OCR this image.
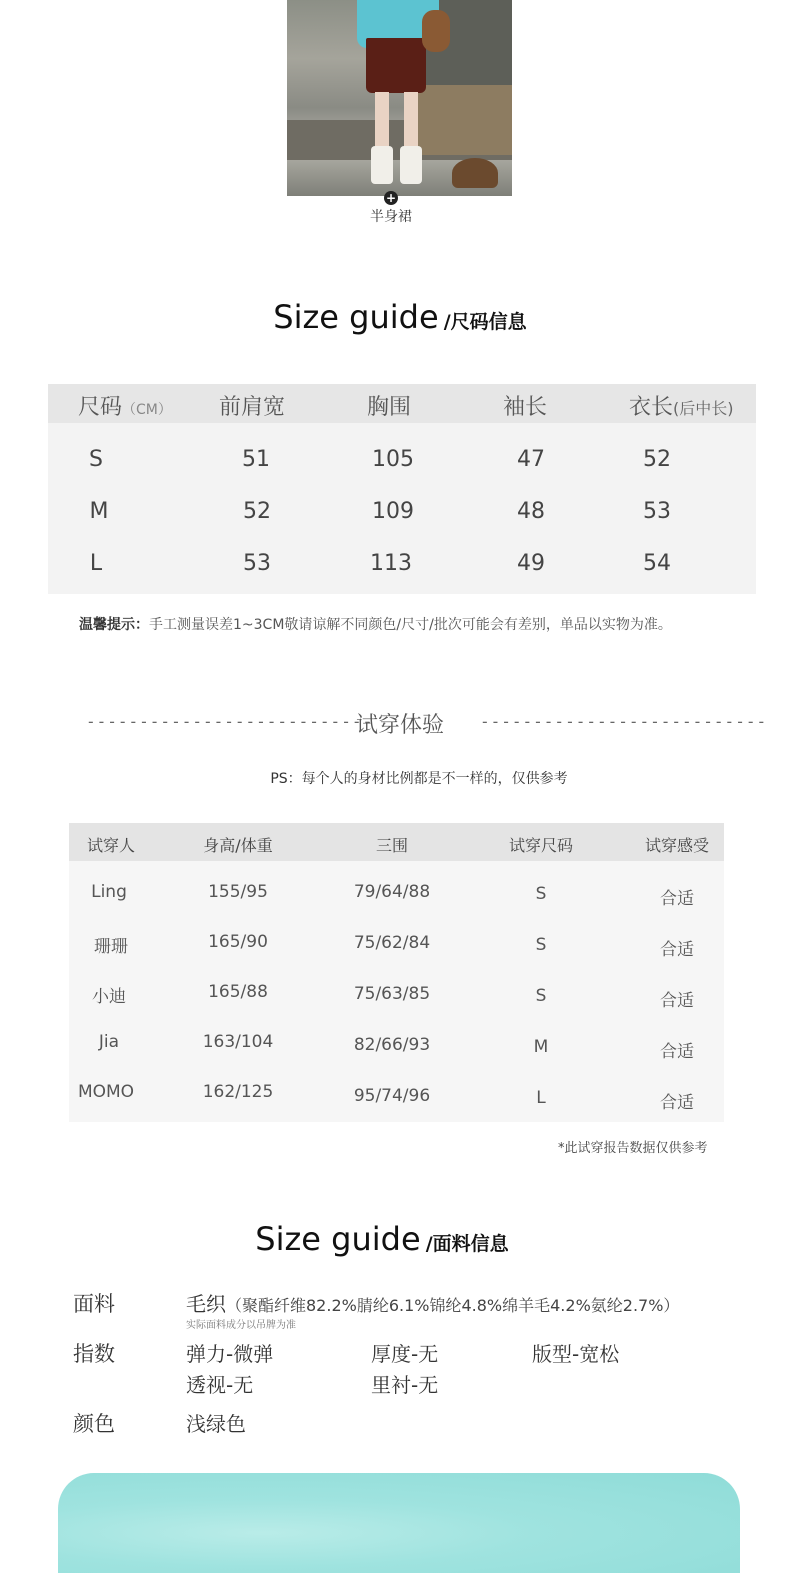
+
半身裙
Size guide /尺码信息
尺码（CM） 前肩宽	胸围	袖长	衣长(后中长)
S	51	105	47	52
M	52	109	48	53
L	53	113	49	54
温馨提示：手工测量误差1~3CM敬请谅解不同颜色/尺寸/批次可能会有差别，单品以实物为准。
---------------------------
试穿体验	---------------------------
PS：每个人的身材比例都是不一样的，仅供参考
试穿人	身高/体重	三围	试穿尺码	试穿感受
Ling	155/95	79/64/88	S	合适
珊珊	165/90	75/62/84	S	合适
小迪	165/88	75/63/85	S	合适
Jia	163/104	82/66/93	M	合适
MOMO	162/125	95/74/96	L	合适
*此试穿报告数据仅供参考
Size guide /面料信息
面料	毛织（聚酯纤维82.2%腈纶6.1%锦纶4.8%绵羊毛4.2%氨纶2.7%）
实际面料成分以吊牌为准
指数	弹力-微弹	厚度-无	版型-宽松
透视-无	里衬-无
颜色	浅绿色
